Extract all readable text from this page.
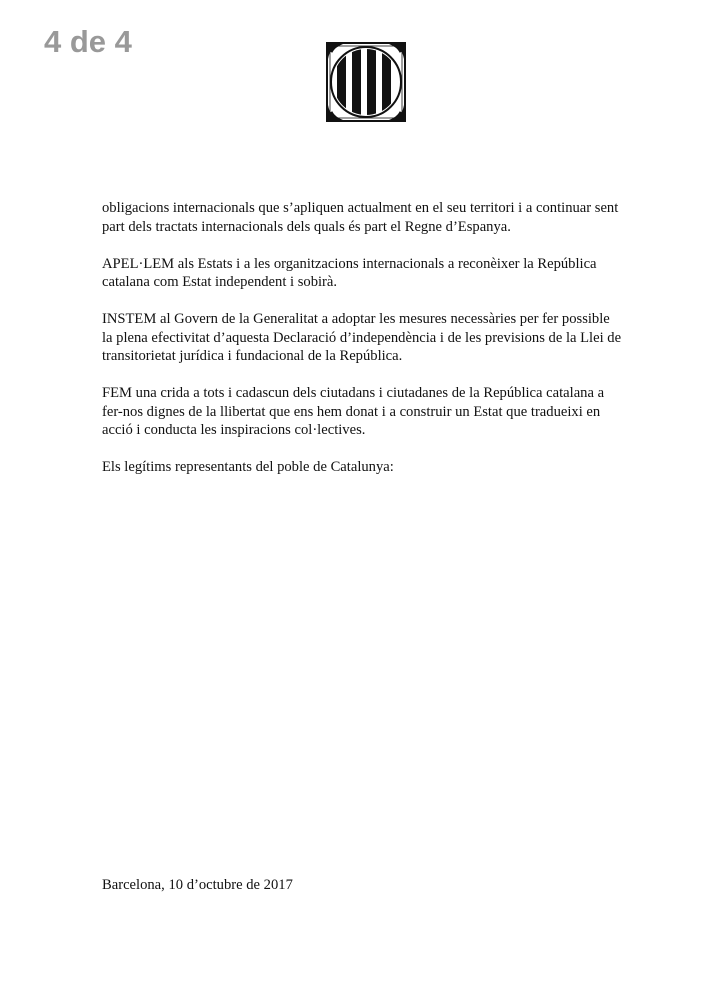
4 de 4

obligacions internacionals que s’apliquen actualment en el seu territori i a continuar sent part dels tractats internacionals dels quals és part el Regne d’Espanya.

APEL·LEM als Estats i a les organitzacions internacionals a reconèixer la República catalana com Estat independent i sobirà.

INSTEM al Govern de la Generalitat a adoptar les mesures necessàries per fer possible la plena efectivitat d’aquesta Declaració d’independència i de les previsions de la Llei de transitorietat jurídica i fundacional de la República.

FEM una crida a tots i cadascun dels ciutadans i ciutadanes de la República catalana a fer-nos dignes de la llibertat que ens hem donat i a construir un Estat que tradueixi en acció i conducta les inspiracions col·lectives.

Els legítims representants del poble de Catalunya:

Barcelona, 10 d’octubre de 2017
